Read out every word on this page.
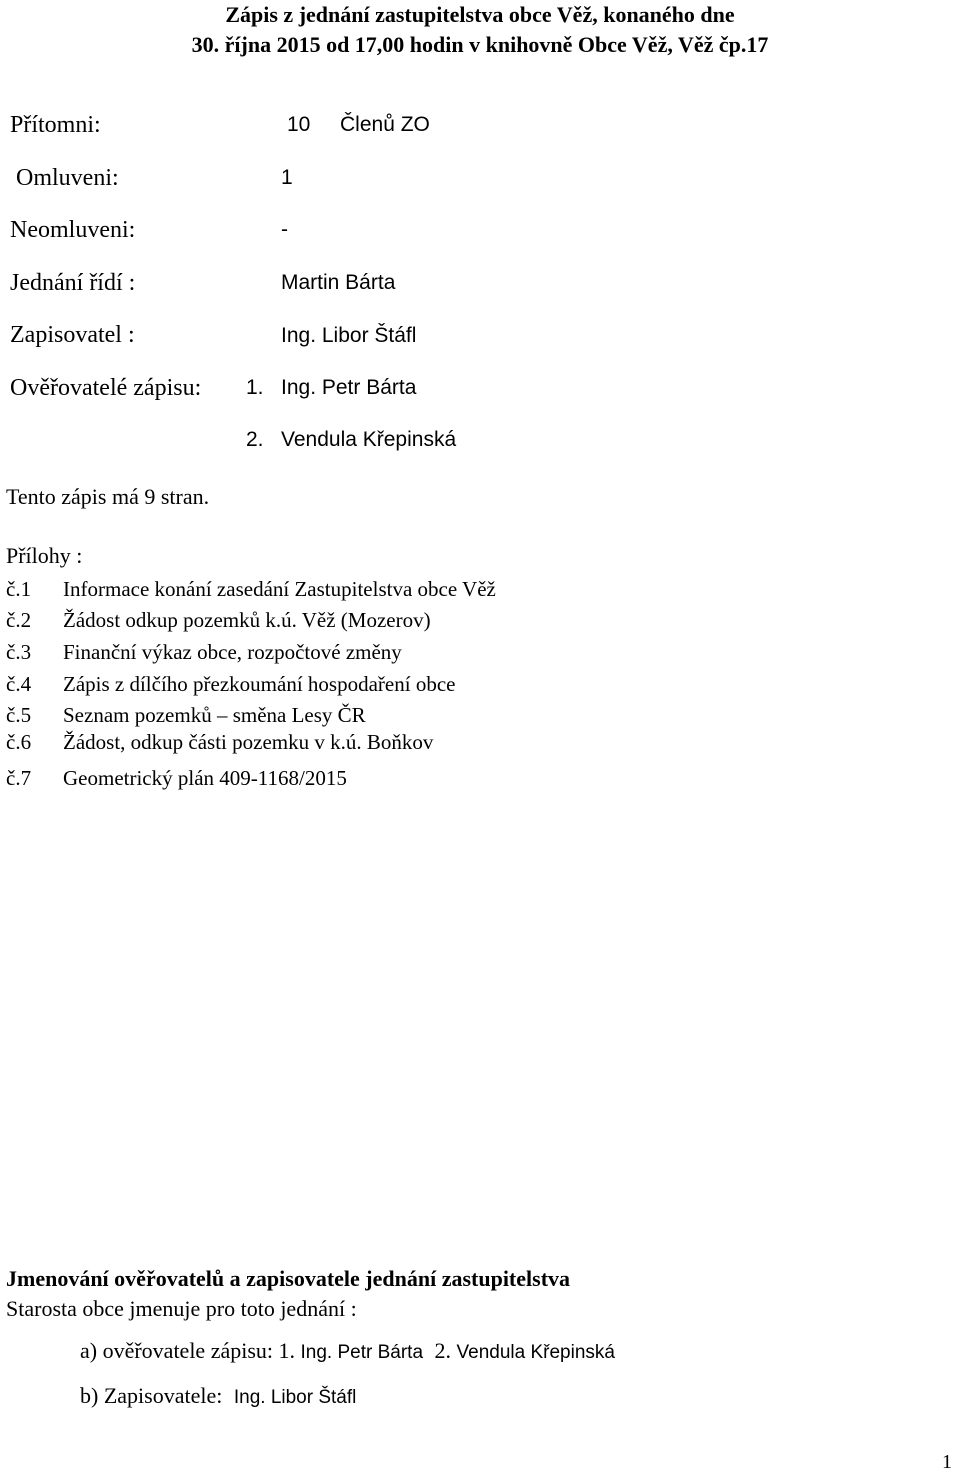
Zápis z jednání zastupitelstva obce Věž, konaného dne
30. října 2015 od 17,00 hodin v knihovně Obce Věž, Věž čp.17
Přítomni:	10 Členů ZO
Omluveni:	1
Neomluveni:	-
Jednání řídí :	Martin Bárta
Zapisovatel :	Ing. Libor Štáfl
Ověřovatelé zápisu: 1. Ing. Petr Bárta
2. Vendula Křepinská
Tento zápis má 9 stran.
Přílohy :
č.1 Informace konání zasedání Zastupitelstva obce Věž
č.2 Žádost odkup pozemků k.ú. Věž (Mozerov)
č.3 Finanční výkaz obce, rozpočtové změny
č.4 Zápis z dílčího přezkoumání hospodaření obce
č.5 Seznam pozemků – směna Lesy ČR
č.6 Žádost, odkup části pozemku v k.ú. Boňkov
č.7 Geometrický plán 409-1168/2015
Jmenování ověřovatelů a zapisovatele jednání zastupitelstva
Starosta obce jmenuje pro toto jednání :
a) ověřovatele zápisu: 1. Ing. Petr Bárta 2. Vendula Křepinská
b) Zapisovatele: Ing. Libor Štáfl
1
